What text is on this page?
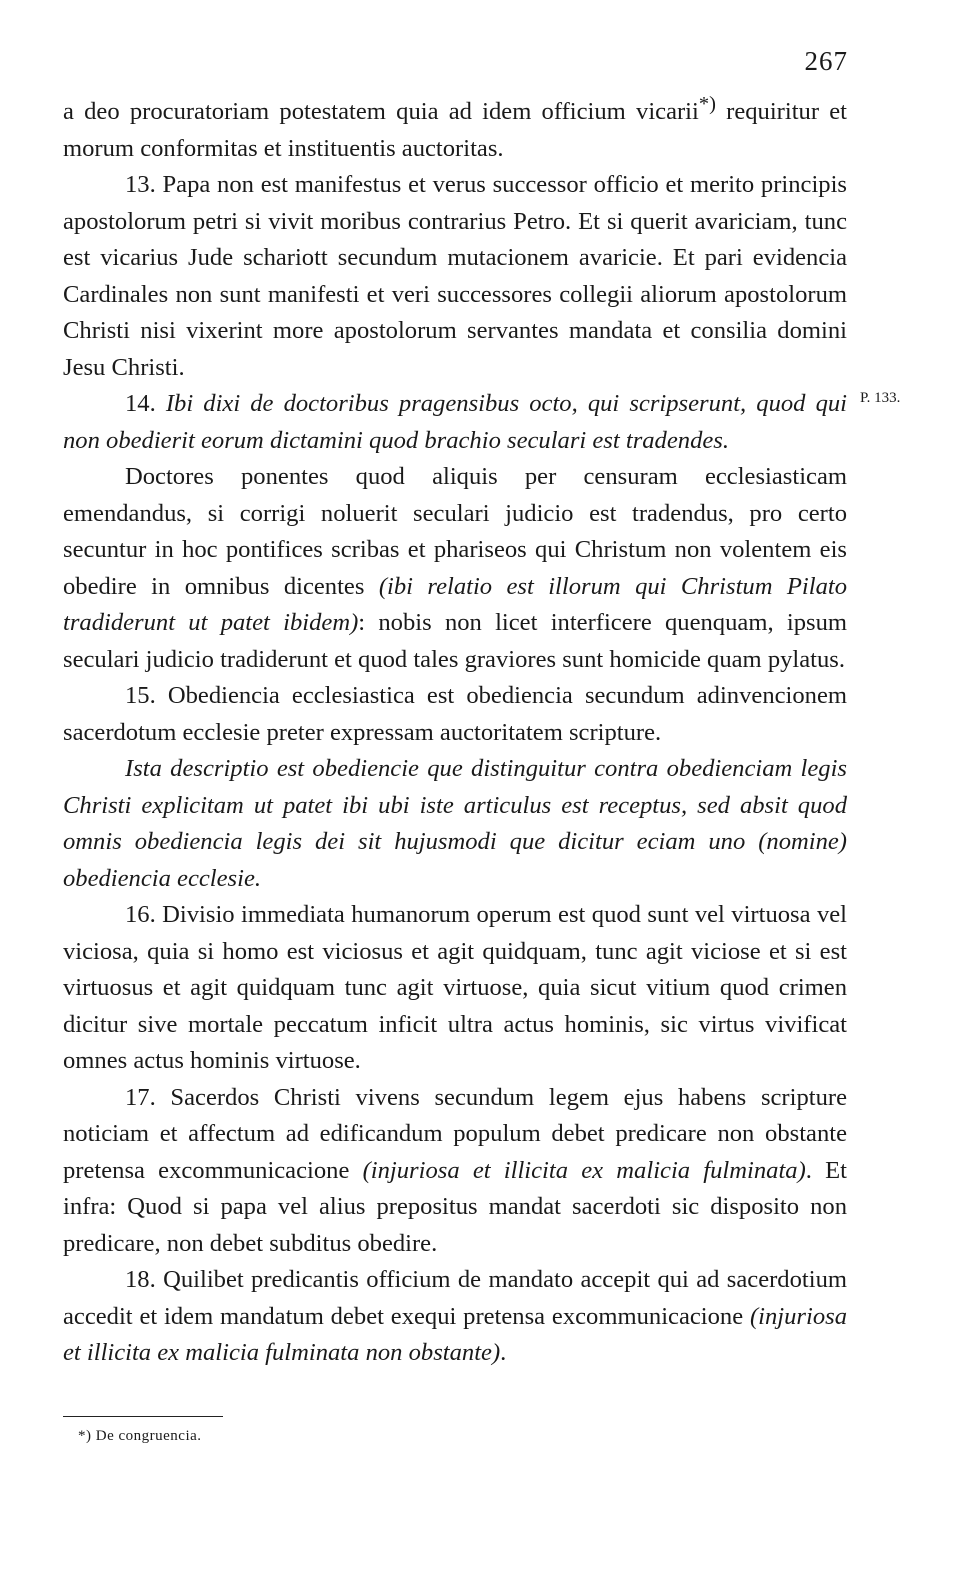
267
P. 133.

a deo procuratoriam potestatem quia ad idem officium vicarii*) requiritur et morum conformitas et instituentis auctoritas.

13. Papa non est manifestus et verus successor officio et merito principis apostolorum petri si vivit moribus contrarius Petro. Et si querit avariciam, tunc est vicarius Jude schariott secundum mutacionem avaricie. Et pari evidencia Cardinales non sunt manifesti et veri successores collegii aliorum apostolorum Christi nisi vixerint more apostolorum servantes mandata et consilia domini Jesu Christi.

14. Ibi dixi de doctoribus pragensibus octo, qui scripserunt, quod qui non obedierit eorum dictamini quod brachio seculari est tradendes.

Doctores ponentes quod aliquis per censuram ecclesiasticam emendandus, si corrigi noluerit seculari judicio est tradendus, pro certo secuntur in hoc pontifices scribas et phariseos qui Christum non volentem eis obedire in omnibus dicentes (ibi relatio est illorum qui Christum Pilato tradiderunt ut patet ibidem): nobis non licet interficere quenquam, ipsum seculari judicio tradiderunt et quod tales graviores sunt homicide quam pylatus.

15. Obediencia ecclesiastica est obediencia secundum adinvencionem sacerdotum ecclesie preter expressam auctoritatem scripture.

Ista descriptio est obediencie que distinguitur contra obedienciam legis Christi explicitam ut patet ibi ubi iste articulus est receptus, sed absit quod omnis obediencia legis dei sit hujusmodi que dicitur eciam uno (nomine) obediencia ecclesie.

16. Divisio immediata humanorum operum est quod sunt vel virtuosa vel viciosa, quia si homo est viciosus et agit quidquam, tunc agit viciose et si est virtuosus et agit quidquam tunc agit virtuose, quia sicut vitium quod crimen dicitur sive mortale peccatum inficit ultra actus hominis, sic virtus vivificat omnes actus hominis virtuose.

17. Sacerdos Christi vivens secundum legem ejus habens scripture noticiam et affectum ad edificandum populum debet predicare non obstante pretensa excommunicacione (injuriosa et illicita ex malicia fulminata). Et infra: Quod si papa vel alius prepositus mandat sacerdoti sic disposito non predicare, non debet subditus obedire.

18. Quilibet predicantis officium de mandato accepit qui ad sacerdotium accedit et idem mandatum debet exequi pretensa excommunicacione (injuriosa et illicita ex malicia fulminata non obstante).

*) De congruencia.
